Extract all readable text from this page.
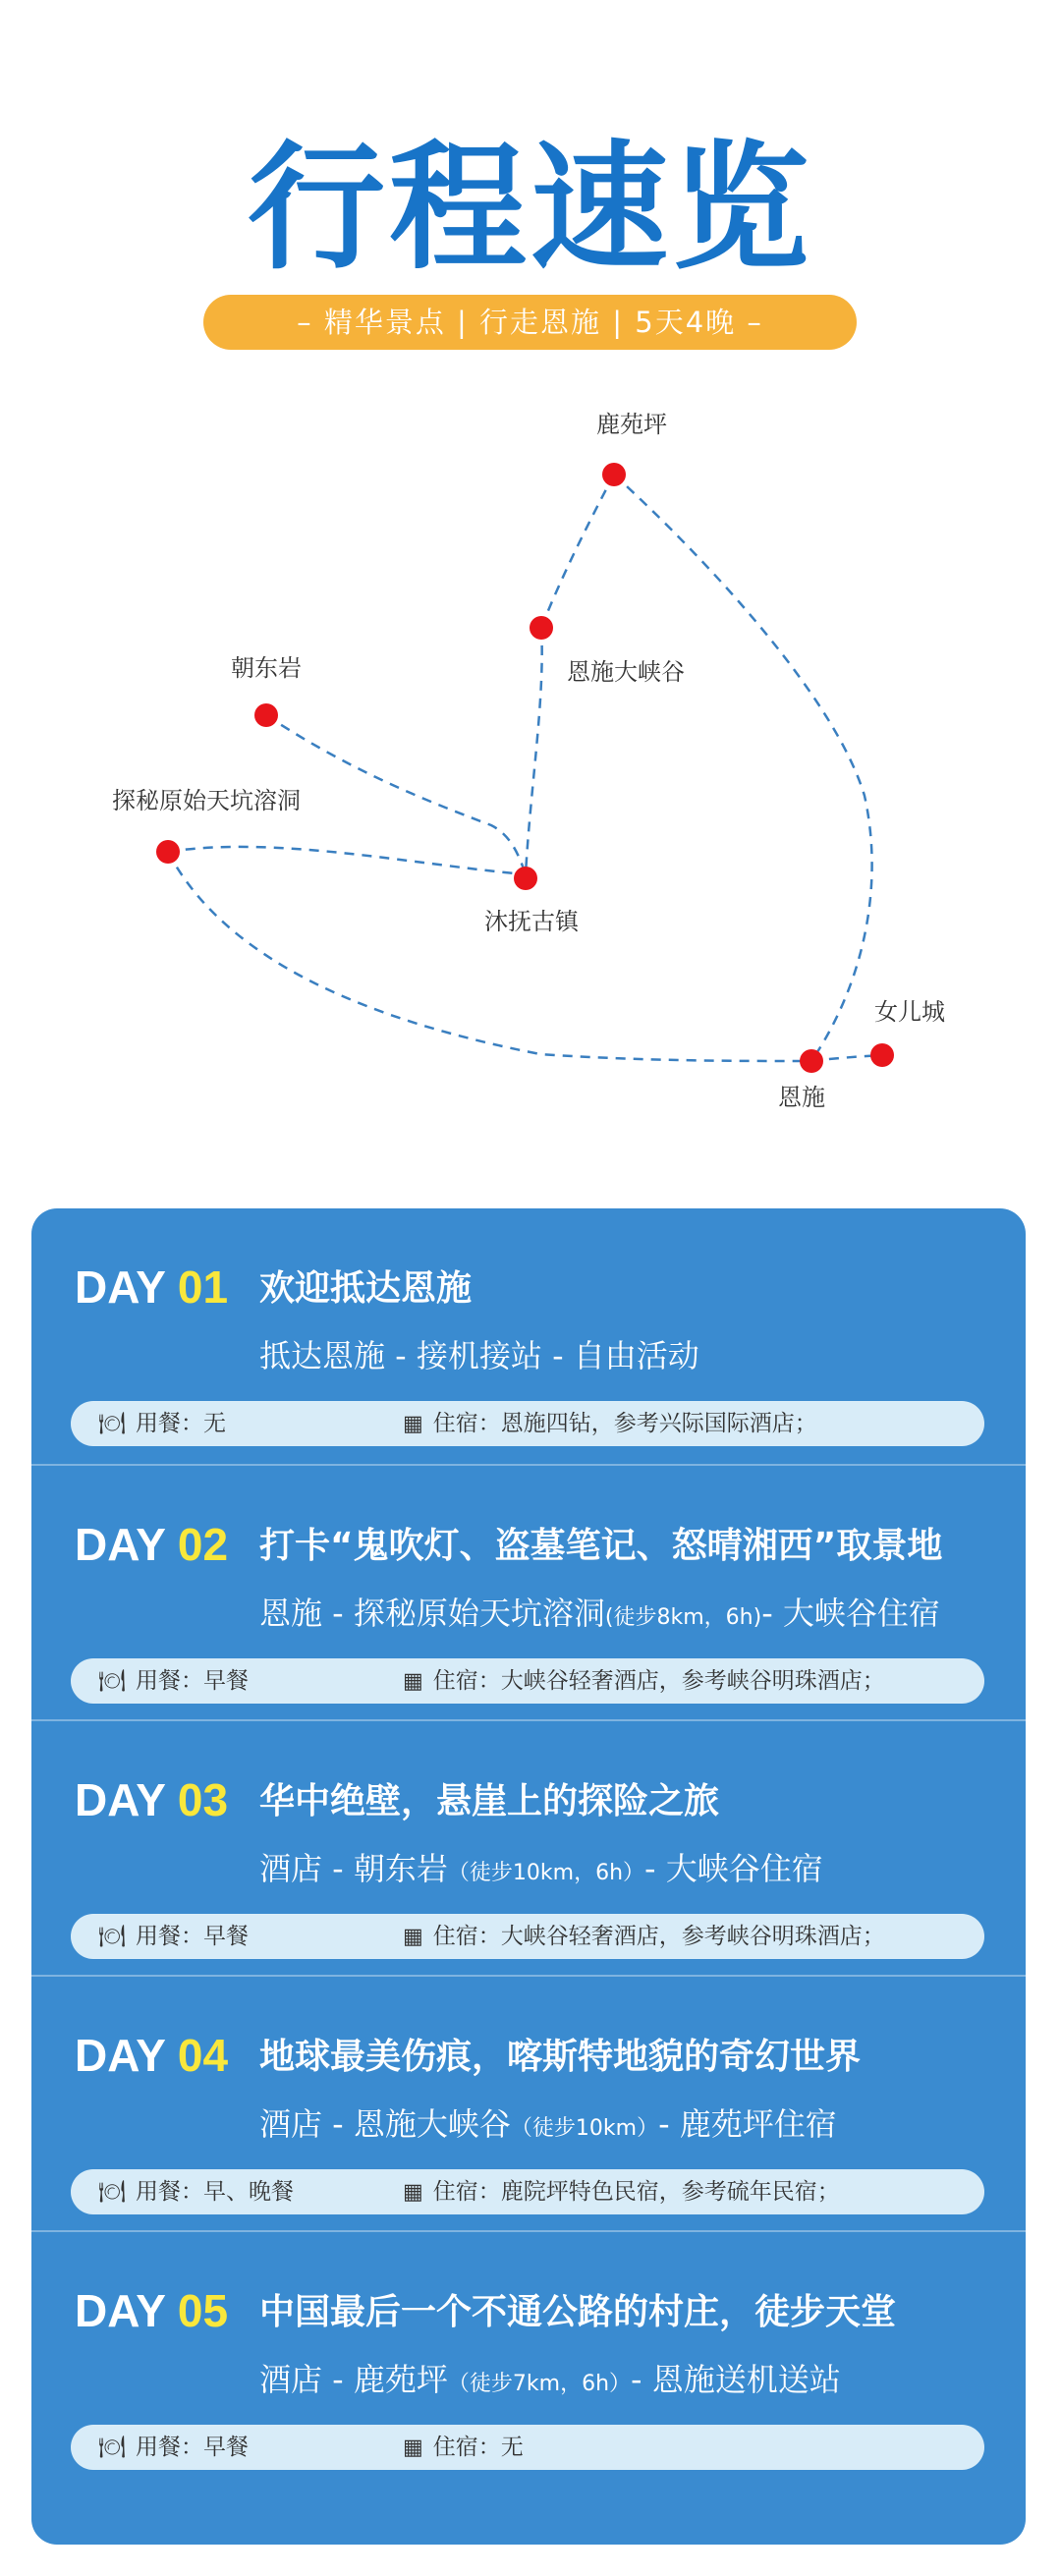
行程速览
– 精华景点 | 行走恩施 | 5天4晚 –
鹿苑坪
恩施大峡谷
朝东岩
探秘原始天坑溶洞
沐抚古镇
恩施
女儿城
DAY 01 欢迎抵达恩施
抵达恩施 - 接机接站 - 自由活动
🍽 用餐：无	▦ 住宿：恩施四钻，参考兴际国际酒店；
DAY 02 打卡“鬼吹灯、盗墓笔记、怒晴湘西”取景地
恩施 - 探秘原始天坑溶洞(徒步8km，6h)- 大峡谷住宿
🍽 用餐：早餐	▦ 住宿：大峡谷轻奢酒店，参考峡谷明珠酒店；
DAY 03 华中绝壁，悬崖上的探险之旅
酒店 - 朝东岩（徒步10km，6h）- 大峡谷住宿
🍽 用餐：早餐	▦ 住宿：大峡谷轻奢酒店，参考峡谷明珠酒店；
DAY 04 地球最美伤痕，喀斯特地貌的奇幻世界
酒店 - 恩施大峡谷（徒步10km）- 鹿苑坪住宿
🍽 用餐：早、晚餐	▦ 住宿：鹿院坪特色民宿，参考硫年民宿；
DAY 05 中国最后一个不通公路的村庄，徒步天堂
酒店 - 鹿苑坪（徒步7km，6h）- 恩施送机送站
🍽 用餐：早餐	▦ 住宿：无
